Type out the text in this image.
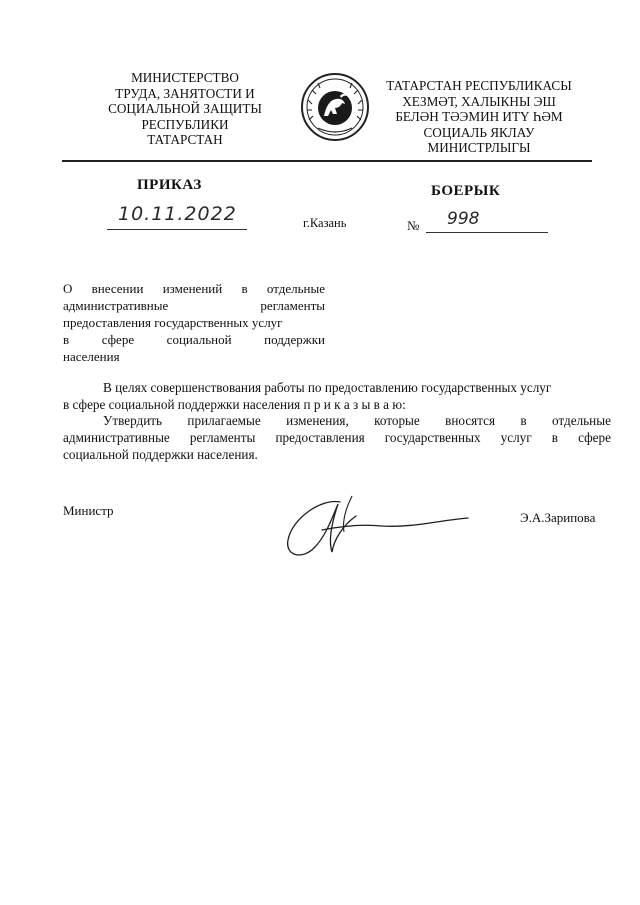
МИНИСТЕРСТВО
ТРУДА, ЗАНЯТОСТИ И
СОЦИАЛЬНОЙ ЗАЩИТЫ
РЕСПУБЛИКИ
ТАТАРСТАН
ТАТАРСТАН РЕСПУБЛИКАСЫ
ХЕЗМӘТ, ХАЛЫКНЫ ЭШ
БЕЛӘН ТӘЭМИН ИТҮ ҺӘМ
СОЦИАЛЬ ЯКЛАУ
МИНИСТРЛЫГЫ
ПРИКАЗ	БОЕРЫК
10.11.2022	г.Казань	№ 998
О внесении изменений в отдельные
административные	регламенты
предоставления государственных услуг
в	сфере	социальной	поддержки
населения
В целях совершенствования работы по предоставлению государственных услуг
в сфере социальной поддержки населения п р и к а з ы в а ю:
Утвердить прилагаемые изменения, которые вносятся в отдельные
административные регламенты предоставления государственных услуг в сфере
социальной поддержки населения.
Министр	Э.А.Зарипова
